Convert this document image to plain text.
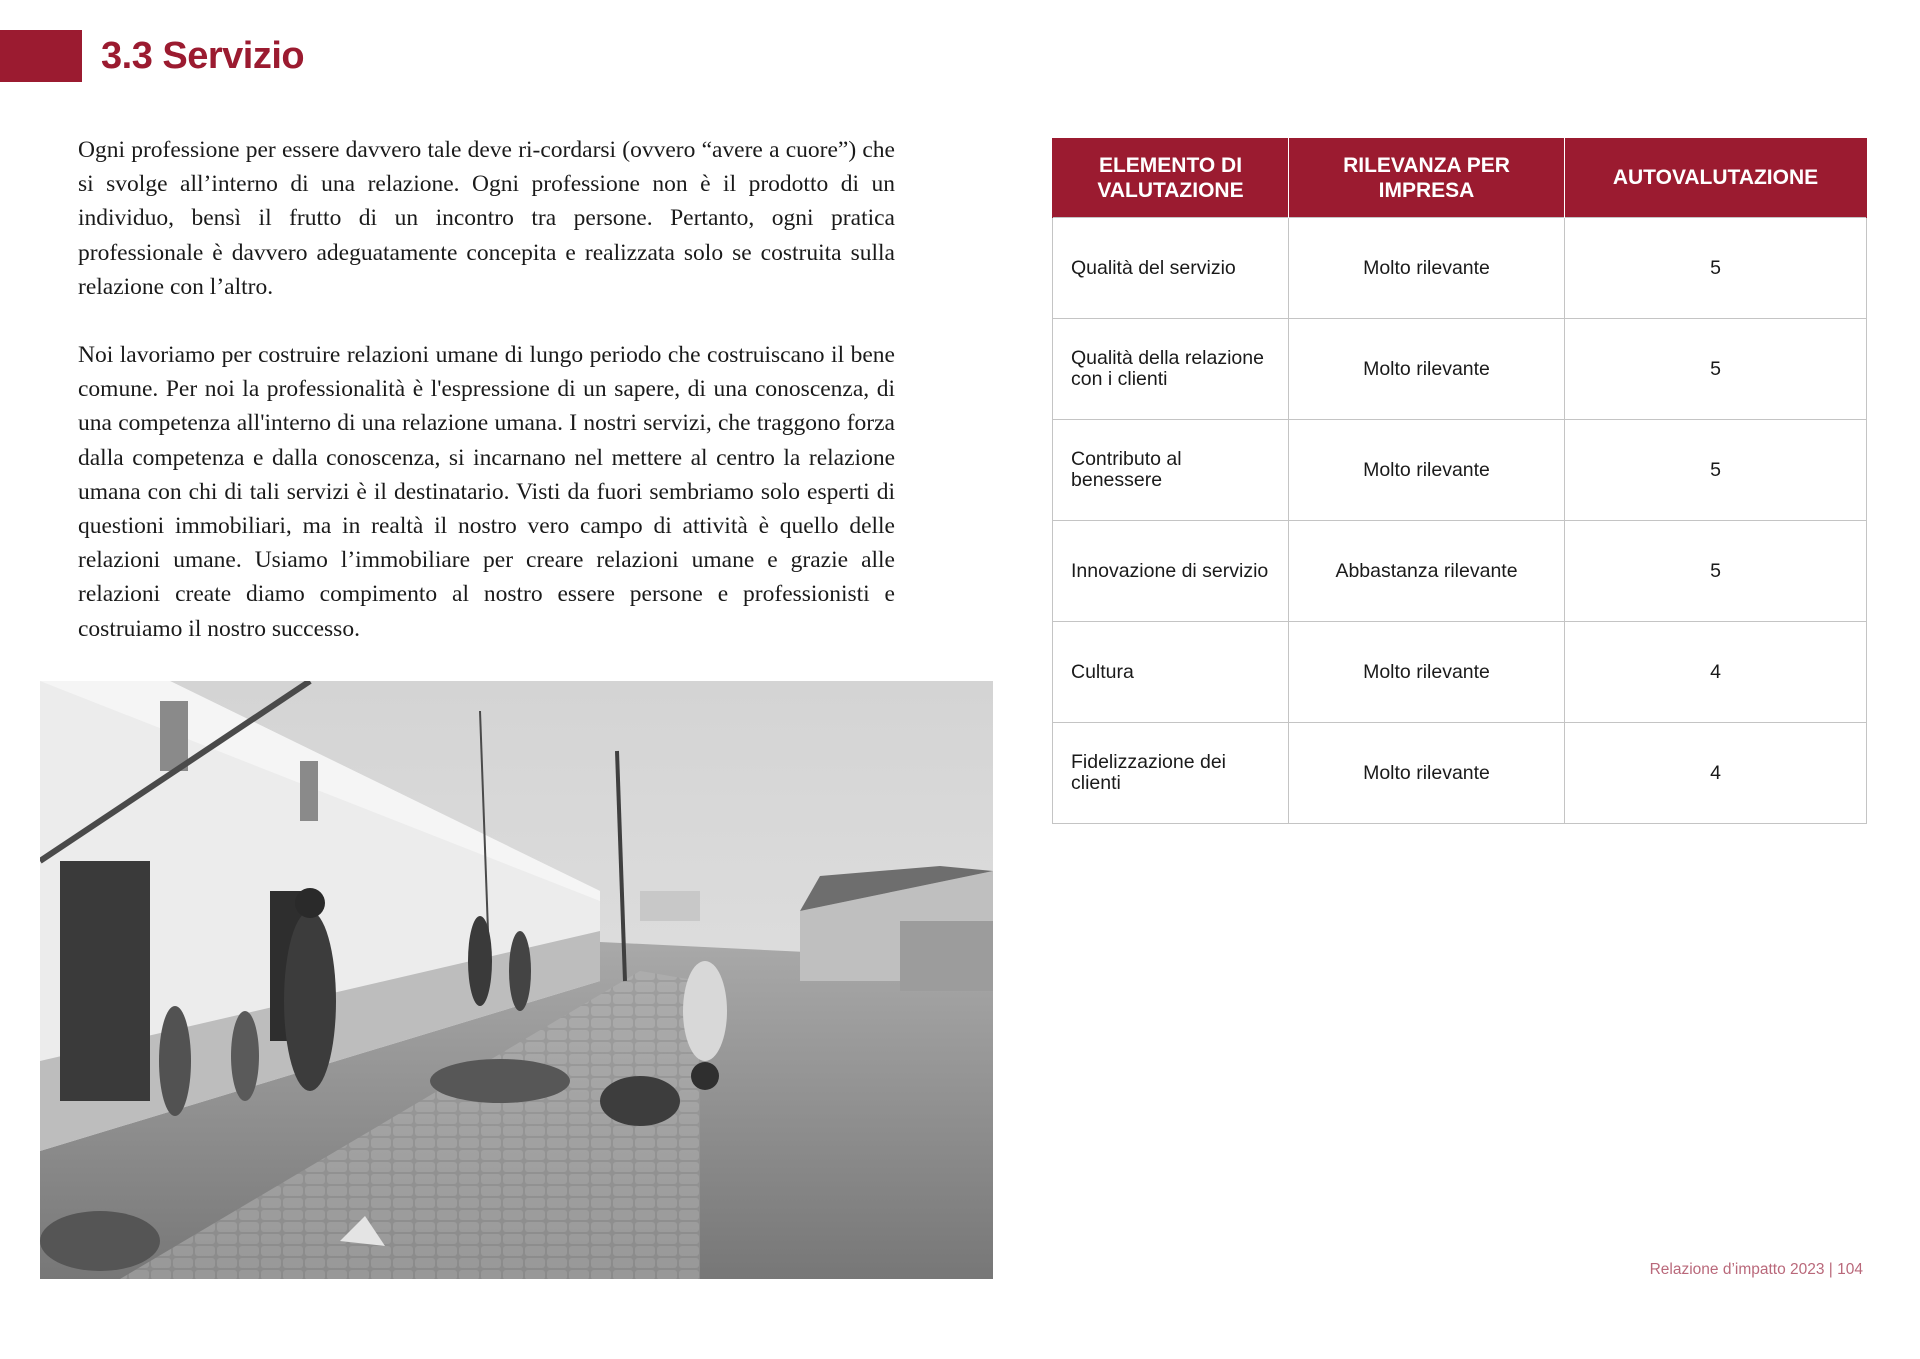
3.3 Servizio

Ogni professione per essere davvero tale deve ri-cordarsi (ovvero “avere a cuore”) che si svolge all’interno di una relazione. Ogni professione non è il prodotto di un individuo, bensì il frutto di un incontro tra persone. Pertanto, ogni pratica professionale è davvero adeguatamente concepita e realizzata solo se costruita sulla relazione con l’altro.

Noi lavoriamo per costruire relazioni umane di lungo periodo che costruiscano il bene comune. Per noi la professionalità è l'espressione di un sapere, di una conoscenza, di una competenza all'interno di una relazione umana. I nostri servizi, che traggono forza dalla competenza e dalla conoscenza, si incarnano nel mettere al centro la relazione umana con chi di tali servizi è il destinatario. Visti da fuori sembriamo solo esperti di questioni immobiliari, ma in realtà il nostro vero campo di attività è quello delle relazioni umane. Usiamo l’immobiliare per creare relazioni umane e grazie alle relazioni create diamo compimento al nostro essere persone e professionisti e costruiamo il nostro successo.

ELEMENTO DI VALUTAZIONE	RILEVANZA PER IMPRESA	AUTOVALUTAZIONE
Qualità del servizio	Molto rilevante	5
Qualità della relazione con i clienti	Molto rilevante	5
Contributo al benessere	Molto rilevante	5
Innovazione di servizio	Abbastanza rilevante	5
Cultura	Molto rilevante	4
Fidelizzazione dei clienti	Molto rilevante	4
Relazione d’impatto 2023 | 104
